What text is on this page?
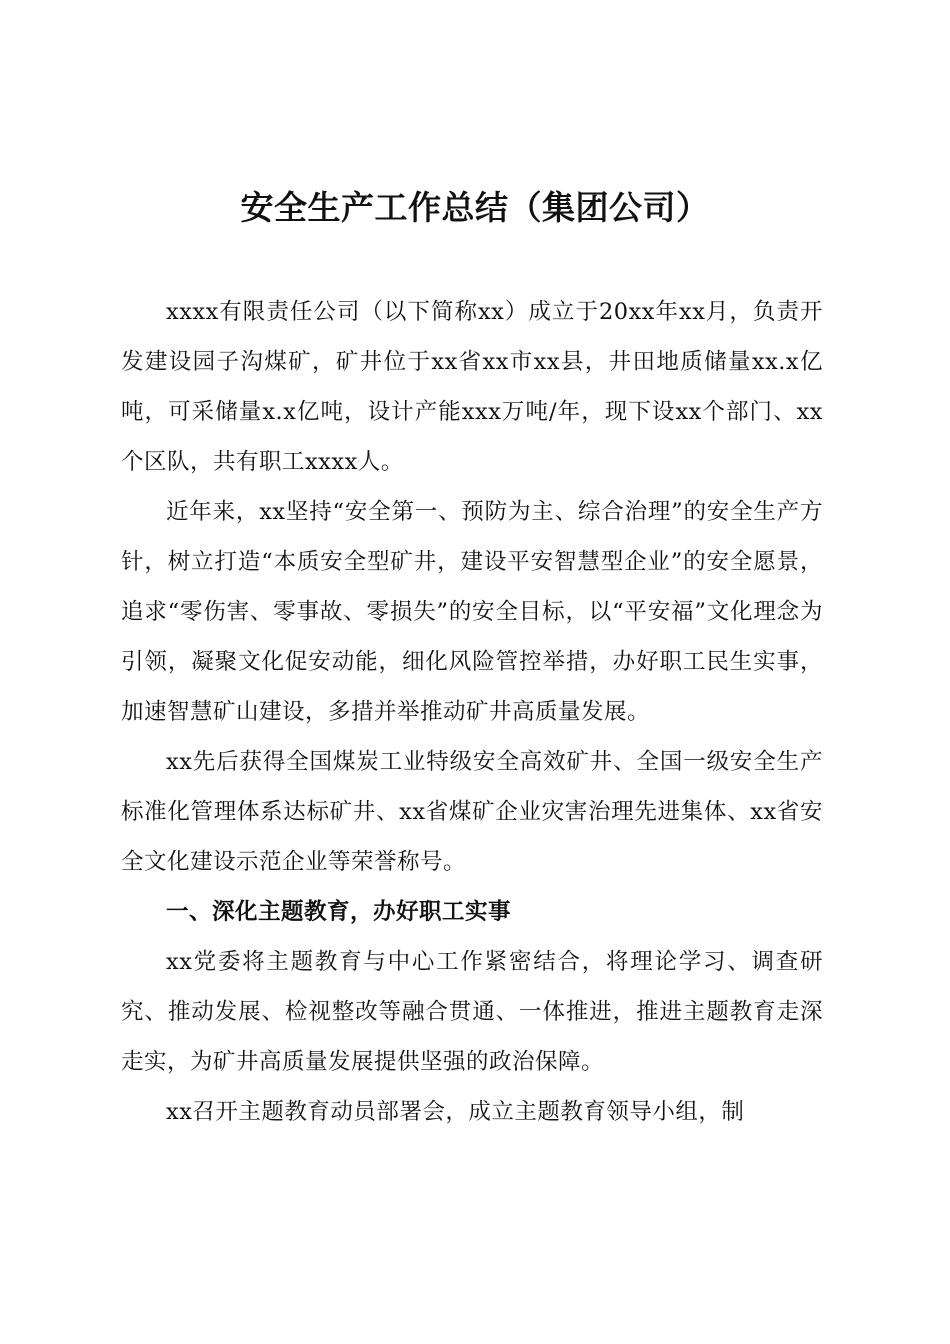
安全生产工作总结（集团公司）

xxxx有限责任公司（以下简称xx）成立于20xx年xx月，负责开发建设园子沟煤矿，矿井位于xx省xx市xx县，井田地质储量xx.x亿吨，可采储量x.x亿吨，设计产能xxx万吨/年，现下设xx个部门、xx个区队，共有职工xxxx人。

近年来，xx坚持“安全第一、预防为主、综合治理”的安全生产方针，树立打造“本质安全型矿井，建设平安智慧型企业”的安全愿景，追求“零伤害、零事故、零损失”的安全目标，以“平安福”文化理念为引领，凝聚文化促安动能，细化风险管控举措，办好职工民生实事，加速智慧矿山建设，多措并举推动矿井高质量发展。

xx先后获得全国煤炭工业特级安全高效矿井、全国一级安全生产标准化管理体系达标矿井、xx省煤矿企业灾害治理先进集体、xx省安全文化建设示范企业等荣誉称号。

一、深化主题教育，办好职工实事

xx党委将主题教育与中心工作紧密结合，将理论学习、调查研究、推动发展、检视整改等融合贯通、一体推进，推进主题教育走深走实，为矿井高质量发展提供坚强的政治保障。

xx召开主题教育动员部署会，成立主题教育领导小组，制
